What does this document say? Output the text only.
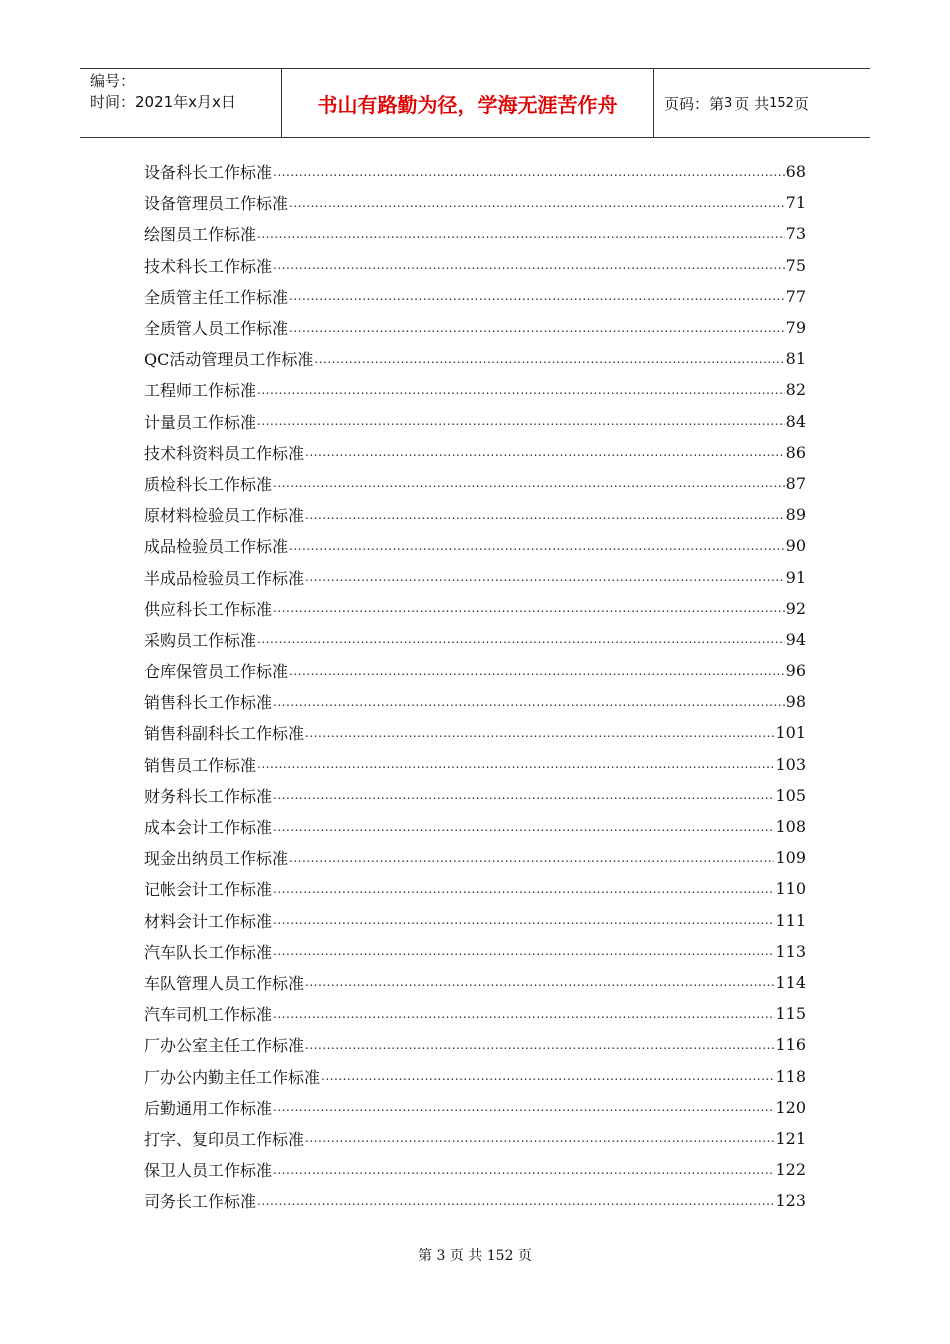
编号：
时间：2021年x月x日	书山有路勤为径，学海无涯苦作舟	页码：第 3 页 共 152 页
设备科长工作标准 .....	68
设备管理员工作标准 .....	71
绘图员工作标准 .....	73
技术科长工作标准 .....	75
全质管主任工作标准 .....	77
全质管人员工作标准 .....	79
QC活动管理员工作标准 .....	81
工程师工作标准 .....	82
计量员工作标准 .....	84
技术科资料员工作标准 .....	86
质检科长工作标准 .....	87
原材料检验员工作标准 .....	89
成品检验员工作标准 .....	90
半成品检验员工作标准 .....	91
供应科长工作标准 .....	92
采购员工作标准 .....	94
仓库保管员工作标准 .....	96
销售科长工作标准 .....	98
销售科副科长工作标准 .....	101
销售员工作标准 .....	103
财务科长工作标准 .....	105
成本会计工作标准 .....	108
现金出纳员工作标准 .....	109
记帐会计工作标准 .....	110
材料会计工作标准 .....	111
汽车队长工作标准 .....	113
车队管理人员工作标准 .....	114
汽车司机工作标准 .....	115
厂办公室主任工作标准 .....	116
厂办公内勤主任工作标准 .....	118
后勤通用工作标准 .....	120
打字、复印员工作标准 .....	121
保卫人员工作标准 .....	122
司务长工作标准 .....	123
第 3 页 共 152 页
